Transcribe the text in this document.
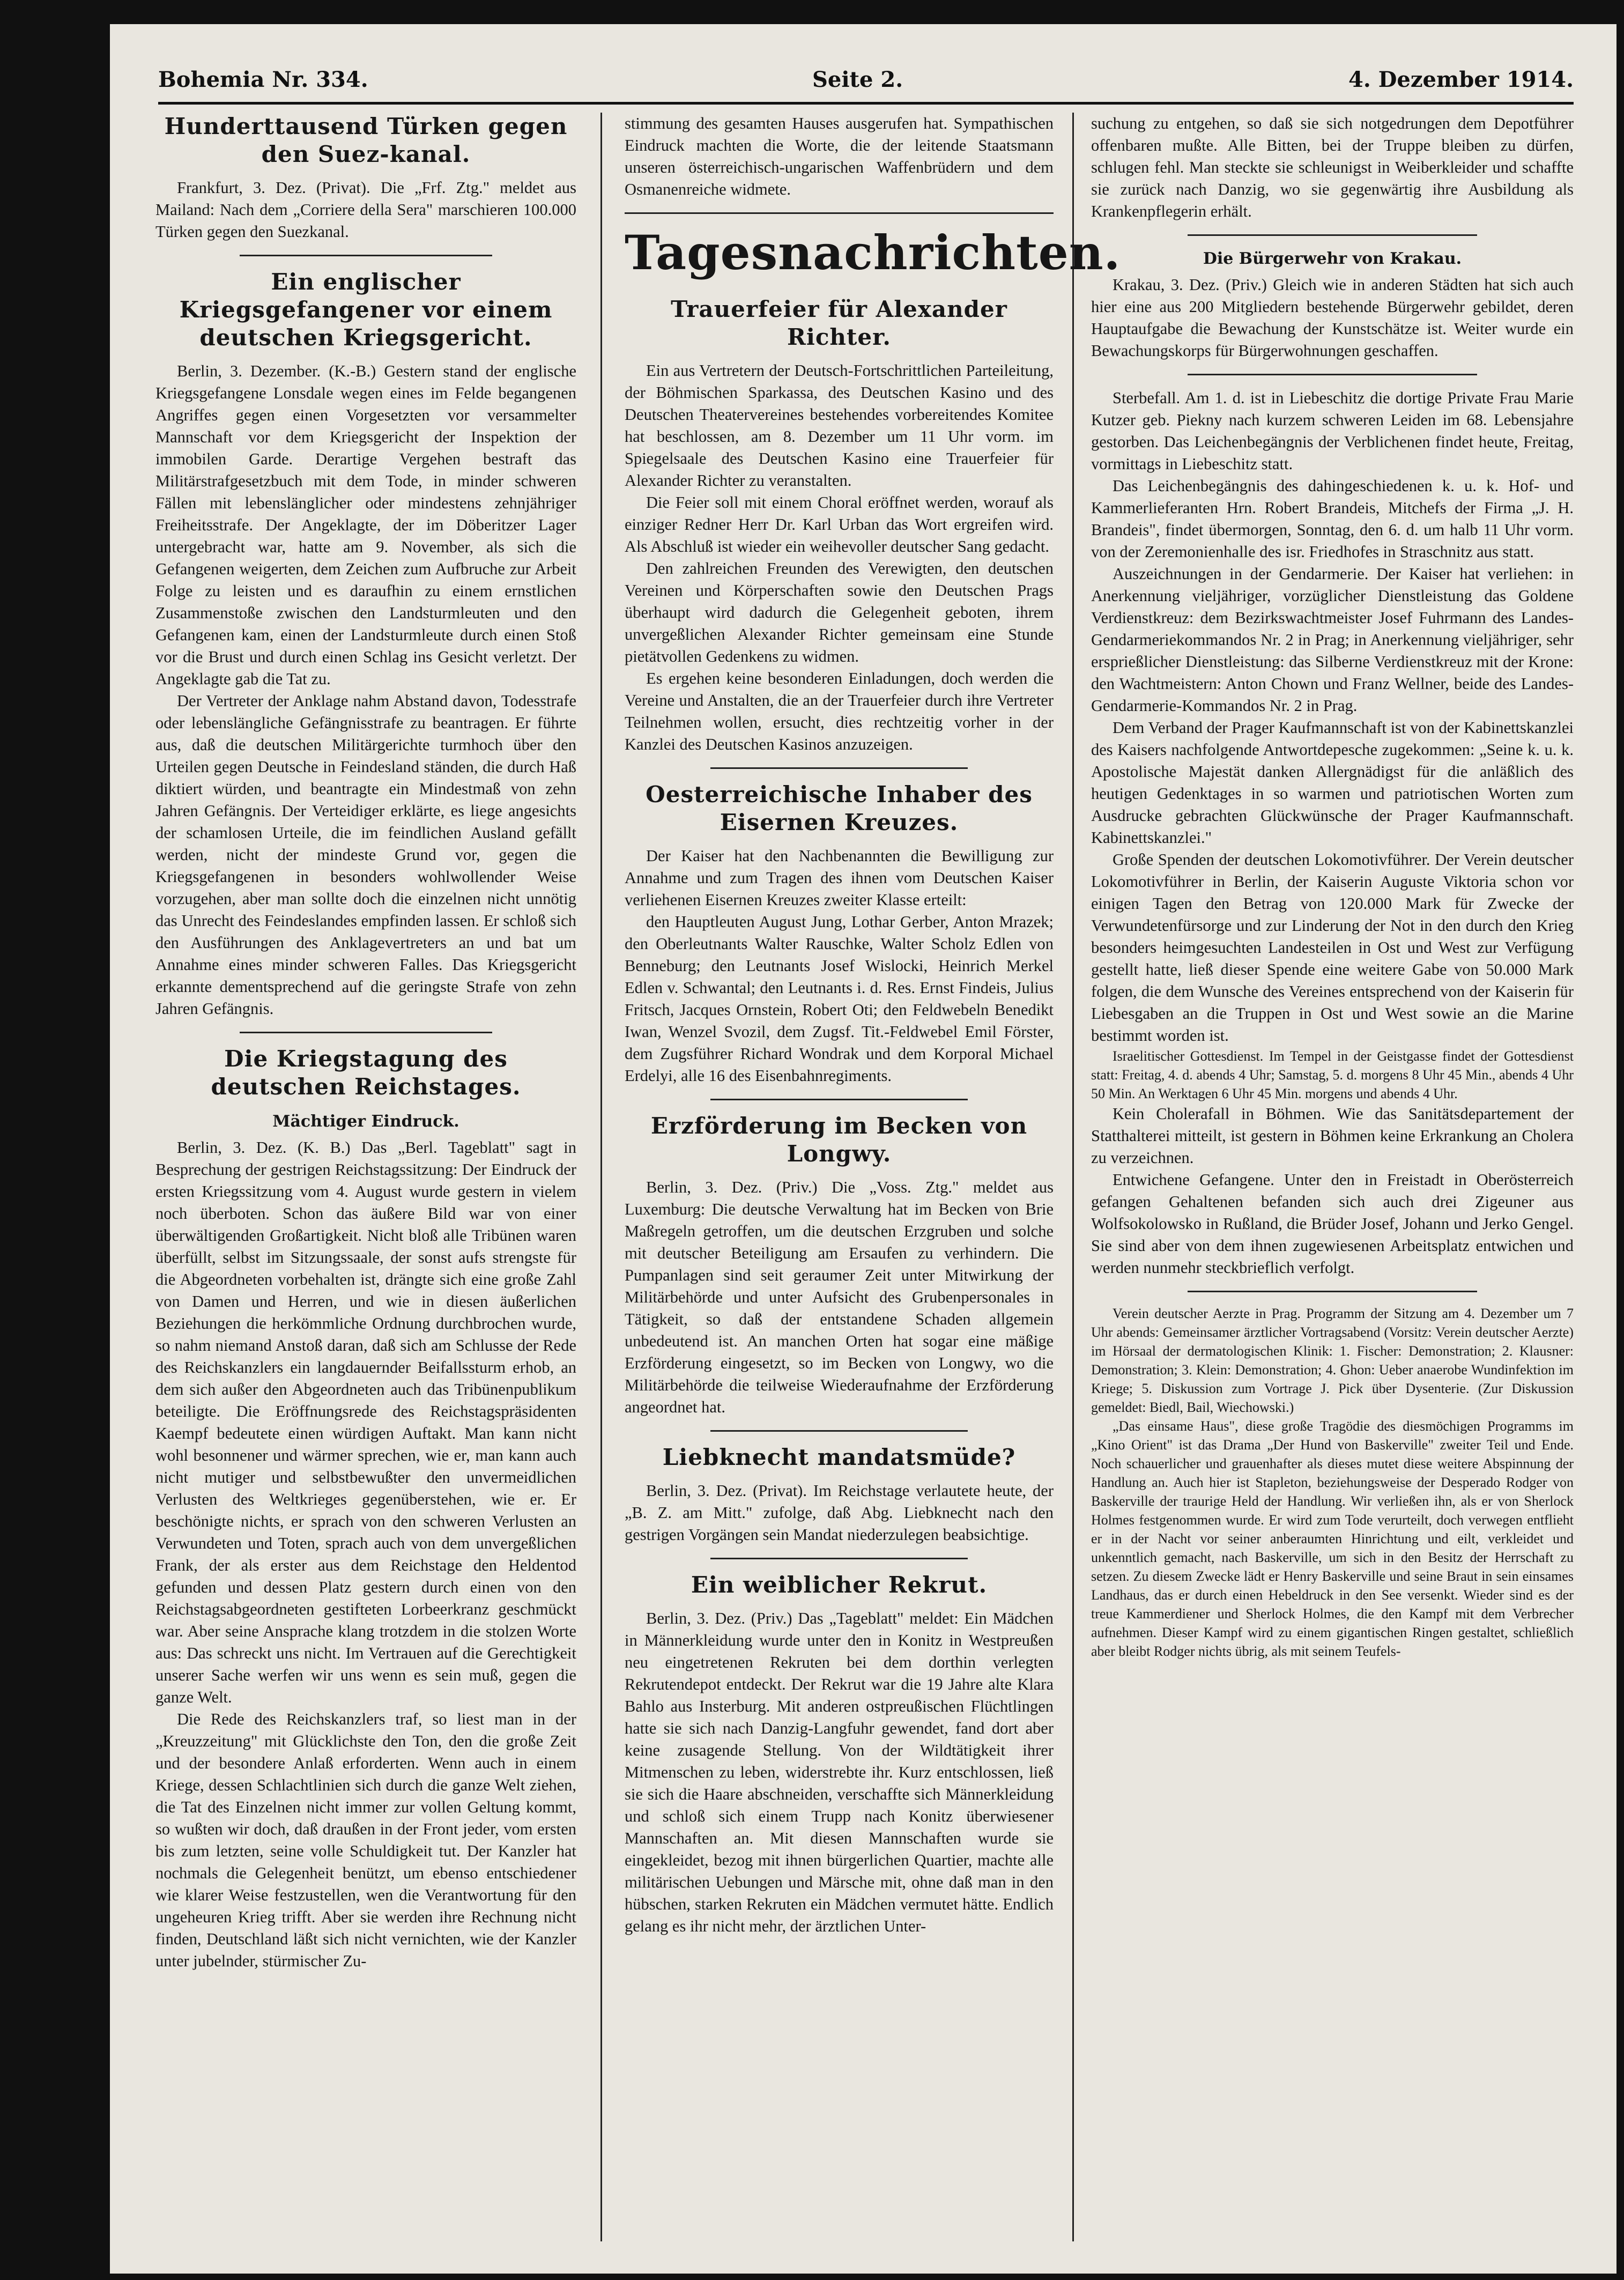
Bohemia Nr. 334.	Seite 2.	4. Dezember 1914.
Hunderttausend Türken gegen den Suez-kanal.

Frankfurt, 3. Dez. (Privat). Die „Frf. Ztg." meldet aus Mailand: Nach dem „Corriere della Sera" marschieren 100.000 Türken gegen den Suezkanal.

Ein englischer Kriegsgefangener vor einem deutschen Kriegsgericht.

Berlin, 3. Dezember. (K.-B.) Gestern stand der englische Kriegsgefangene Lonsdale wegen eines im Felde begangenen Angriffes gegen einen Vorgesetzten vor versammelter Mannschaft vor dem Kriegsgericht der Inspektion der immobilen Garde. Derartige Vergehen bestraft das Militärstrafgesetzbuch mit dem Tode, in minder schweren Fällen mit lebenslänglicher oder mindestens zehnjähriger Freiheitsstrafe. Der Angeklagte, der im Döberitzer Lager untergebracht war, hatte am 9. November, als sich die Gefangenen weigerten, dem Zeichen zum Aufbruche zur Arbeit Folge zu leisten und es daraufhin zu einem ernstlichen Zusammenstoße zwischen den Landsturmleuten und den Gefangenen kam, einen der Landsturmleute durch einen Stoß vor die Brust und durch einen Schlag ins Gesicht verletzt. Der Angeklagte gab die Tat zu.

Der Vertreter der Anklage nahm Abstand davon, Todesstrafe oder lebenslängliche Gefängnisstrafe zu beantragen. Er führte aus, daß die deutschen Militärgerichte turmhoch über den Urteilen gegen Deutsche in Feindesland ständen, die durch Haß diktiert würden, und beantragte ein Mindestmaß von zehn Jahren Gefängnis. Der Verteidiger erklärte, es liege angesichts der schamlosen Urteile, die im feindlichen Ausland gefällt werden, nicht der mindeste Grund vor, gegen die Kriegsgefangenen in besonders wohlwollender Weise vorzugehen, aber man sollte doch die einzelnen nicht unnötig das Unrecht des Feindeslandes empfinden lassen. Er schloß sich den Ausführungen des Anklagevertreters an und bat um Annahme eines minder schweren Falles. Das Kriegsgericht erkannte dementsprechend auf die geringste Strafe von zehn Jahren Gefängnis.

Die Kriegstagung des deutschen Reichstages.
Mächtiger Eindruck.

Berlin, 3. Dez. (K. B.) Das „Berl. Tageblatt" sagt in Besprechung der gestrigen Reichstagssitzung: Der Eindruck der ersten Kriegssitzung vom 4. August wurde gestern in vielem noch überboten. Schon das äußere Bild war von einer überwältigenden Großartigkeit. Nicht bloß alle Tribünen waren überfüllt, selbst im Sitzungssaale, der sonst aufs strengste für die Abgeordneten vorbehalten ist, drängte sich eine große Zahl von Damen und Herren, und wie in diesen äußerlichen Beziehungen die herkömmliche Ordnung durchbrochen wurde, so nahm niemand Anstoß daran, daß sich am Schlusse der Rede des Reichskanzlers ein langdauernder Beifallssturm erhob, an dem sich außer den Abgeordneten auch das Tribünenpublikum beteiligte. Die Eröffnungsrede des Reichstagspräsidenten Kaempf bedeutete einen würdigen Auftakt. Man kann nicht wohl besonnener und wärmer sprechen, wie er, man kann auch nicht mutiger und selbstbewußter den unvermeidlichen Verlusten des Weltkrieges gegenüberstehen, wie er. Er beschönigte nichts, er sprach von den schweren Verlusten an Verwundeten und Toten, sprach auch von dem unvergeßlichen Frank, der als erster aus dem Reichstage den Heldentod gefunden und dessen Platz gestern durch einen von den Reichstagsabgeordneten gestifteten Lorbeerkranz geschmückt war. Aber seine Ansprache klang trotzdem in die stolzen Worte aus: Das schreckt uns nicht. Im Vertrauen auf die Gerechtigkeit unserer Sache werfen wir uns wenn es sein muß, gegen die ganze Welt.

Die Rede des Reichskanzlers traf, so liest man in der „Kreuzzeitung" mit Glücklichste den Ton, den die große Zeit und der besondere Anlaß erforderten. Wenn auch in einem Kriege, dessen Schlachtlinien sich durch die ganze Welt ziehen, die Tat des Einzelnen nicht immer zur vollen Geltung kommt, so wußten wir doch, daß draußen in der Front jeder, vom ersten bis zum letzten, seine volle Schuldigkeit tut. Der Kanzler hat nochmals die Gelegenheit benützt, um ebenso entschiedener wie klarer Weise festzustellen, wen die Verantwortung für den ungeheuren Krieg trifft. Aber sie werden ihre Rechnung nicht finden, Deutschland läßt sich nicht vernichten, wie der Kanzler unter jubelnder, stürmischer Zu-

stimmung des gesamten Hauses ausgerufen hat. Sympathischen Eindruck machten die Worte, die der leitende Staatsmann unseren österreichisch-ungarischen Waffenbrüdern und dem Osmanenreiche widmete.

Tagesnachrichten.
Trauerfeier für Alexander Richter.

Ein aus Vertretern der Deutsch-Fortschrittlichen Parteileitung, der Böhmischen Sparkassa, des Deutschen Kasino und des Deutschen Theatervereines bestehendes vorbereitendes Komitee hat beschlossen, am 8. Dezember um 11 Uhr vorm. im Spiegelsaale des Deutschen Kasino eine Trauerfeier für Alexander Richter zu veranstalten.

Die Feier soll mit einem Choral eröffnet werden, worauf als einziger Redner Herr Dr. Karl Urban das Wort ergreifen wird. Als Abschluß ist wieder ein weihevoller deutscher Sang gedacht.

Den zahlreichen Freunden des Verewigten, den deutschen Vereinen und Körperschaften sowie den Deutschen Prags überhaupt wird dadurch die Gelegenheit geboten, ihrem unvergeßlichen Alexander Richter gemeinsam eine Stunde pietätvollen Gedenkens zu widmen.

Es ergehen keine besonderen Einladungen, doch werden die Vereine und Anstalten, die an der Trauerfeier durch ihre Vertreter Teilnehmen wollen, ersucht, dies rechtzeitig vorher in der Kanzlei des Deutschen Kasinos anzuzeigen.

Oesterreichische Inhaber des Eisernen Kreuzes.

Der Kaiser hat den Nachbenannten die Bewilligung zur Annahme und zum Tragen des ihnen vom Deutschen Kaiser verliehenen Eisernen Kreuzes zweiter Klasse erteilt:

den Hauptleuten August Jung, Lothar Gerber, Anton Mrazek; den Oberleutnants Walter Rauschke, Walter Scholz Edlen von Benneburg; den Leutnants Josef Wislocki, Heinrich Merkel Edlen v. Schwantal; den Leutnants i. d. Res. Ernst Findeis, Julius Fritsch, Jacques Ornstein, Robert Oti; den Feldwebeln Benedikt Iwan, Wenzel Svozil, dem Zugsf. Tit.-Feldwebel Emil Förster, dem Zugsführer Richard Wondrak und dem Korporal Michael Erdelyi, alle 16 des Eisenbahnregiments.

Erzförderung im Becken von Longwy.

Berlin, 3. Dez. (Priv.) Die „Voss. Ztg." meldet aus Luxemburg: Die deutsche Verwaltung hat im Becken von Brie Maßregeln getroffen, um die deutschen Erzgruben und solche mit deutscher Beteiligung am Ersaufen zu verhindern. Die Pumpanlagen sind seit geraumer Zeit unter Mitwirkung der Militärbehörde und unter Aufsicht des Grubenpersonales in Tätigkeit, so daß der entstandene Schaden allgemein unbedeutend ist. An manchen Orten hat sogar eine mäßige Erzförderung eingesetzt, so im Becken von Longwy, wo die Militärbehörde die teilweise Wiederaufnahme der Erzförderung angeordnet hat.

Liebknecht mandatsmüde?

Berlin, 3. Dez. (Privat). Im Reichstage verlautete heute, der „B. Z. am Mitt." zufolge, daß Abg. Liebknecht nach den gestrigen Vorgängen sein Mandat niederzulegen beabsichtige.

Ein weiblicher Rekrut.

Berlin, 3. Dez. (Priv.) Das „Tageblatt" meldet: Ein Mädchen in Männerkleidung wurde unter den in Konitz in Westpreußen neu eingetretenen Rekruten bei dem dorthin verlegten Rekrutendepot entdeckt. Der Rekrut war die 19 Jahre alte Klara Bahlo aus Insterburg. Mit anderen ostpreußischen Flüchtlingen hatte sie sich nach Danzig-Langfuhr gewendet, fand dort aber keine zusagende Stellung. Von der Wildtätigkeit ihrer Mitmenschen zu leben, widerstrebte ihr. Kurz entschlossen, ließ sie sich die Haare abschneiden, verschaffte sich Männerkleidung und schloß sich einem Trupp nach Konitz überwiesener Mannschaften an. Mit diesen Mannschaften wurde sie eingekleidet, bezog mit ihnen bürgerlichen Quartier, machte alle militärischen Uebungen und Märsche mit, ohne daß man in den hübschen, starken Rekruten ein Mädchen vermutet hätte. Endlich gelang es ihr nicht mehr, der ärztlichen Unter-

suchung zu entgehen, so daß sie sich notgedrungen dem Depotführer offenbaren mußte. Alle Bitten, bei der Truppe bleiben zu dürfen, schlugen fehl. Man steckte sie schleunigst in Weiberkleider und schaffte sie zurück nach Danzig, wo sie gegenwärtig ihre Ausbildung als Krankenpflegerin erhält.

Die Bürgerwehr von Krakau.

Krakau, 3. Dez. (Priv.) Gleich wie in anderen Städten hat sich auch hier eine aus 200 Mitgliedern bestehende Bürgerwehr gebildet, deren Hauptaufgabe die Bewachung der Kunstschätze ist. Weiter wurde ein Bewachungskorps für Bürgerwohnungen geschaffen.

Sterbefall. Am 1. d. ist in Liebeschitz die dortige Private Frau Marie Kutzer geb. Piekny nach kurzem schweren Leiden im 68. Lebensjahre gestorben. Das Leichenbegängnis der Verblichenen findet heute, Freitag, vormittags in Liebeschitz statt.

Das Leichenbegängnis des dahingeschiedenen k. u. k. Hof- und Kammerlieferanten Hrn. Robert Brandeis, Mitchefs der Firma „J. H. Brandeis", findet übermorgen, Sonntag, den 6. d. um halb 11 Uhr vorm. von der Zeremonienhalle des isr. Friedhofes in Straschnitz aus statt.

Auszeichnungen in der Gendarmerie. Der Kaiser hat verliehen: in Anerkennung vieljähriger, vorzüglicher Dienstleistung das Goldene Verdienstkreuz: dem Bezirkswachtmeister Josef Fuhrmann des Landes-Gendarmeriekommandos Nr. 2 in Prag; in Anerkennung vieljähriger, sehr ersprießlicher Dienstleistung: das Silberne Verdienstkreuz mit der Krone: den Wachtmeistern: Anton Chown und Franz Wellner, beide des Landes-Gendarmerie-Kommandos Nr. 2 in Prag.

Dem Verband der Prager Kaufmannschaft ist von der Kabinettskanzlei des Kaisers nachfolgende Antwortdepesche zugekommen: „Seine k. u. k. Apostolische Majestät danken Allergnädigst für die anläßlich des heutigen Gedenktages in so warmen und patriotischen Worten zum Ausdrucke gebrachten Glückwünsche der Prager Kaufmannschaft. Kabinettskanzlei."

Große Spenden der deutschen Lokomotivführer. Der Verein deutscher Lokomotivführer in Berlin, der Kaiserin Auguste Viktoria schon vor einigen Tagen den Betrag von 120.000 Mark für Zwecke der Verwundetenfürsorge und zur Linderung der Not in den durch den Krieg besonders heimgesuchten Landesteilen in Ost und West zur Verfügung gestellt hatte, ließ dieser Spende eine weitere Gabe von 50.000 Mark folgen, die dem Wunsche des Vereines entsprechend von der Kaiserin für Liebesgaben an die Truppen in Ost und West sowie an die Marine bestimmt worden ist.

Israelitischer Gottesdienst. Im Tempel in der Geistgasse findet der Gottesdienst statt: Freitag, 4. d. abends 4 Uhr; Samstag, 5. d. morgens 8 Uhr 45 Min., abends 4 Uhr 50 Min. An Werktagen 6 Uhr 45 Min. morgens und abends 4 Uhr.

Kein Cholerafall in Böhmen. Wie das Sanitätsdepartement der Statthalterei mitteilt, ist gestern in Böhmen keine Erkrankung an Cholera zu verzeichnen.

Entwichene Gefangene. Unter den in Freistadt in Oberösterreich gefangen Gehaltenen befanden sich auch drei Zigeuner aus Wolfsokolowsko in Rußland, die Brüder Josef, Johann und Jerko Gengel. Sie sind aber von dem ihnen zugewiesenen Arbeitsplatz entwichen und werden nunmehr steckbrieflich verfolgt.

Verein deutscher Aerzte in Prag. Programm der Sitzung am 4. Dezember um 7 Uhr abends: Gemeinsamer ärztlicher Vortragsabend (Vorsitz: Verein deutscher Aerzte) im Hörsaal der dermatologischen Klinik: 1. Fischer: Demonstration; 2. Klausner: Demonstration; 3. Klein: Demonstration; 4. Ghon: Ueber anaerobe Wundinfektion im Kriege; 5. Diskussion zum Vortrage J. Pick über Dysenterie. (Zur Diskussion gemeldet: Biedl, Bail, Wiechowski.)

„Das einsame Haus", diese große Tragödie des diesmöchigen Programms im „Kino Orient" ist das Drama „Der Hund von Baskerville" zweiter Teil und Ende. Noch schauerlicher und grauenhafter als dieses mutet diese weitere Abspinnung der Handlung an. Auch hier ist Stapleton, beziehungsweise der Desperado Rodger von Baskerville der traurige Held der Handlung. Wir verließen ihn, als er von Sherlock Holmes festgenommen wurde. Er wird zum Tode verurteilt, doch verwegen entflieht er in der Nacht vor seiner anberaumten Hinrichtung und eilt, verkleidet und unkenntlich gemacht, nach Baskerville, um sich in den Besitz der Herrschaft zu setzen. Zu diesem Zwecke lädt er Henry Baskerville und seine Braut in sein einsames Landhaus, das er durch einen Hebeldruck in den See versenkt. Wieder sind es der treue Kammerdiener und Sherlock Holmes, die den Kampf mit dem Verbrecher aufnehmen. Dieser Kampf wird zu einem gigantischen Ringen gestaltet, schließlich aber bleibt Rodger nichts übrig, als mit seinem Teufels-
